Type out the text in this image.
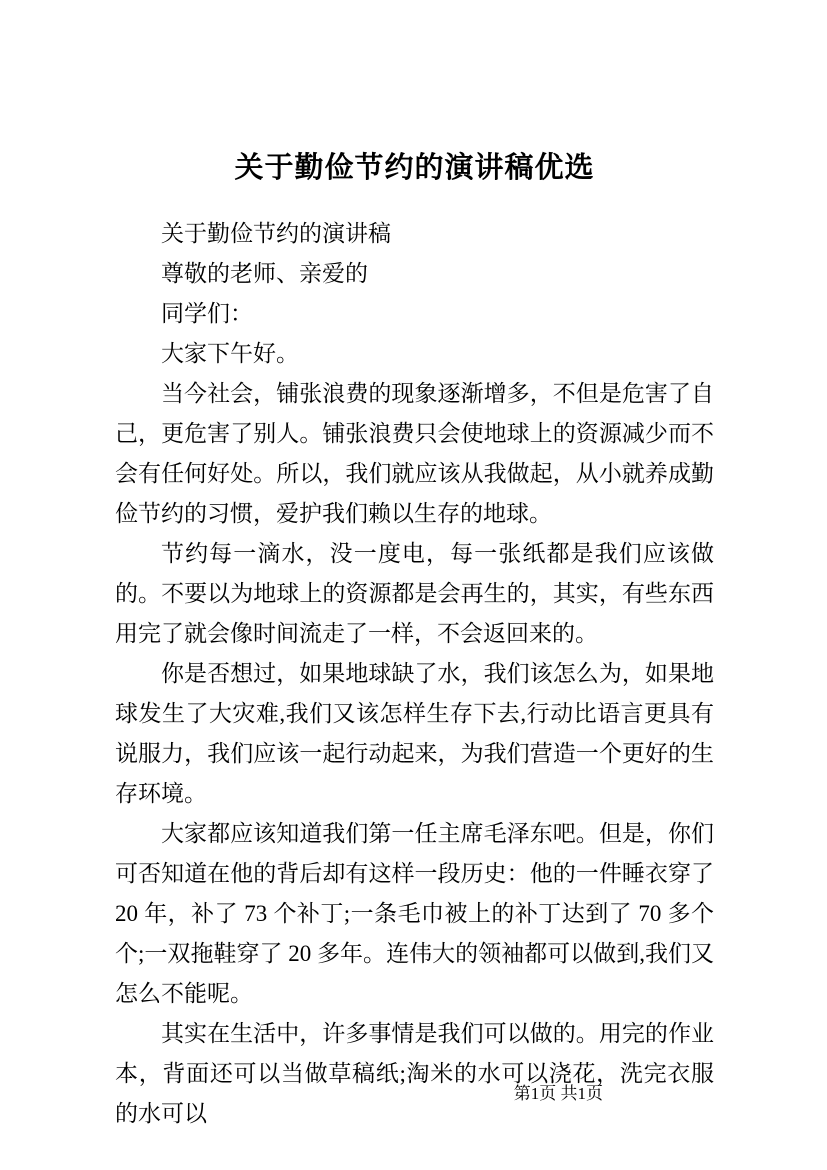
关于勤俭节约的演讲稿优选

关于勤俭节约的演讲稿

尊敬的老师、亲爱的

同学们：

大家下午好。

当今社会，铺张浪费的现象逐渐增多，不但是危害了自己，更危害了别人。铺张浪费只会使地球上的资源减少而不会有任何好处。所以，我们就应该从我做起，从小就养成勤俭节约的习惯，爱护我们赖以生存的地球。

节约每一滴水，没一度电，每一张纸都是我们应该做的。不要以为地球上的资源都是会再生的，其实，有些东西用完了就会像时间流走了一样，不会返回来的。

你是否想过，如果地球缺了水，我们该怎么为，如果地球发生了大灾难,我们又该怎样生存下去,行动比语言更具有说服力，我们应该一起行动起来，为我们营造一个更好的生存环境。

大家都应该知道我们第一任主席毛泽东吧。但是，你们可否知道在他的背后却有这样一段历史：他的一件睡衣穿了 20 年，补了 73 个补丁;一条毛巾被上的补丁达到了 70 多个个;一双拖鞋穿了 20 多年。连伟大的领袖都可以做到,我们又怎么不能呢。

其实在生活中，许多事情是我们可以做的。用完的作业本，背面还可以当做草稿纸;淘米的水可以浇花，洗完衣服的水可以

第1页 共1页
